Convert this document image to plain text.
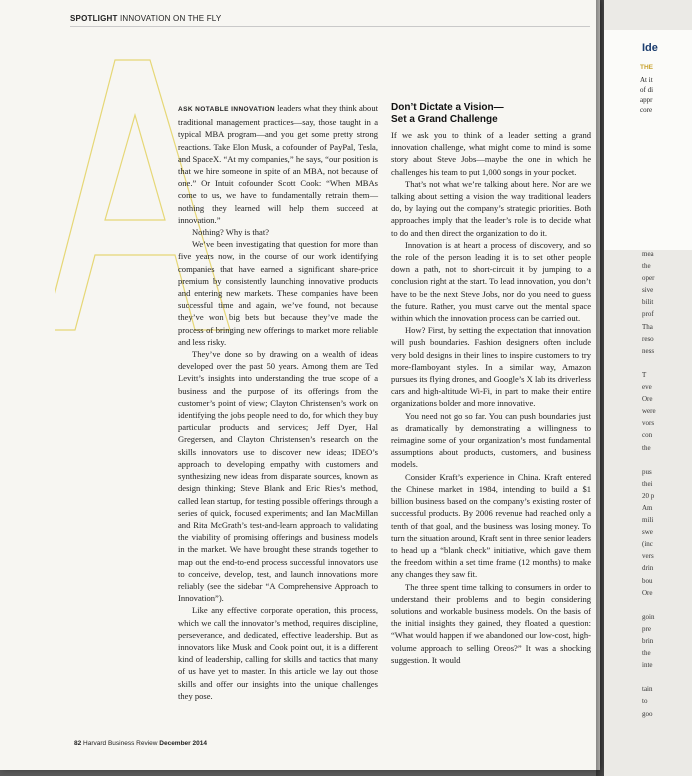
SPOTLIGHT INNOVATION ON THE FLY

ASK NOTABLE INNOVATION leaders what they think about traditional management practices—say, those taught in a typical MBA program—and you get some pretty strong reactions. Take Elon Musk, a cofounder of PayPal, Tesla, and SpaceX. “At my companies,” he says, “our position is that we hire someone in spite of an MBA, not because of one.” Or Intuit cofounder Scott Cook: “When MBAs come to us, we have to fundamentally retrain them—nothing they learned will help them succeed at innovation.”

Nothing? Why is that?

We’ve been investigating that question for more than five years now, in the course of our work identifying companies that have earned a significant share-price premium by consistently launching innovative products and entering new markets. These companies have been successful time and again, we’ve found, not because they’ve won big bets but because they’ve made the process of bringing new offerings to market more reliable and less risky.

They’ve done so by drawing on a wealth of ideas developed over the past 50 years. Among them are Ted Levitt’s insights into understanding the true scope of a business and the purpose of its offerings from the customer’s point of view; Clayton Christensen’s work on identifying the jobs people need to do, for which they buy particular products and services; Jeff Dyer, Hal Gregersen, and Clayton Christensen’s research on the skills innovators use to discover new ideas; IDEO’s approach to developing empathy with customers and synthesizing new ideas from disparate sources, known as design thinking; Steve Blank and Eric Ries’s method, called lean startup, for testing possible offerings through a series of quick, focused experiments; and Ian MacMillan and Rita McGrath’s test-and-learn approach to validating the viability of promising offerings and business models in the market. We have brought these strands together to map out the end-to-end process successful innovators use to conceive, develop, test, and launch innovations more reliably (see the sidebar “A Comprehensive Approach to Innovation”).

Like any effective corporate operation, this process, which we call the innovator’s method, requires discipline, perseverance, and dedicated, effective leadership. But as innovators like Musk and Cook point out, it is a different kind of leadership, calling for skills and tactics that many of us have yet to master. In this article we lay out those skills and offer our insights into the unique challenges they pose.

Don’t Dictate a Vision—
Set a Grand Challenge

If we ask you to think of a leader setting a grand innovation challenge, what might come to mind is some story about Steve Jobs—maybe the one in which he challenges his team to put 1,000 songs in your pocket.

That’s not what we’re talking about here. Nor are we talking about setting a vision the way traditional leaders do, by laying out the company’s strategic priorities. Both approaches imply that the leader’s role is to decide what to do and then direct the organization to do it.

Innovation is at heart a process of discovery, and so the role of the person leading it is to set other people down a path, not to short-circuit it by jumping to a conclusion right at the start. To lead innovation, you don’t have to be the next Steve Jobs, nor do you need to guess the future. Rather, you must carve out the mental space within which the innovation process can be carried out.

How? First, by setting the expectation that innovation will push boundaries. Fashion designers often include very bold designs in their lines to inspire customers to try more-flamboyant styles. In a similar way, Amazon pursues its flying drones, and Google’s X lab its driverless cars and high-altitude Wi-Fi, in part to make their entire organizations bolder and more innovative.

You need not go so far. You can push boundaries just as dramatically by demonstrating a willingness to reimagine some of your organization’s most fundamental assumptions about products, customers, and business models.

Consider Kraft’s experience in China. Kraft entered the Chinese market in 1984, intending to build a $1 billion business based on the company’s existing roster of successful products. By 2006 revenue had reached only a tenth of that goal, and the business was losing money. To turn the situation around, Kraft sent in three senior leaders to head up a “blank check” initiative, which gave them the freedom within a set time frame (12 months) to make any changes they saw fit.

The three spent time talking to consumers in order to understand their problems and to begin considering solutions and workable business models. On the basis of the initial insights they gained, they floated a question: “What would happen if we abandoned our low-cost, high-volume approach to selling Oreos?” It was a shocking suggestion. It would

82 Harvard Business Review December 2014
Ide
THE
At it
of di
appr
core
mea
the
oper
sive
bilit
prof
Tha
reso
ness

T
eve
Ore
were
vors
con
the

pus
thei
20 p
Am
mili
swe
(inc
vers
drin
bou
Ore

goin
pre
brin
the
inte

tain
to
goo
